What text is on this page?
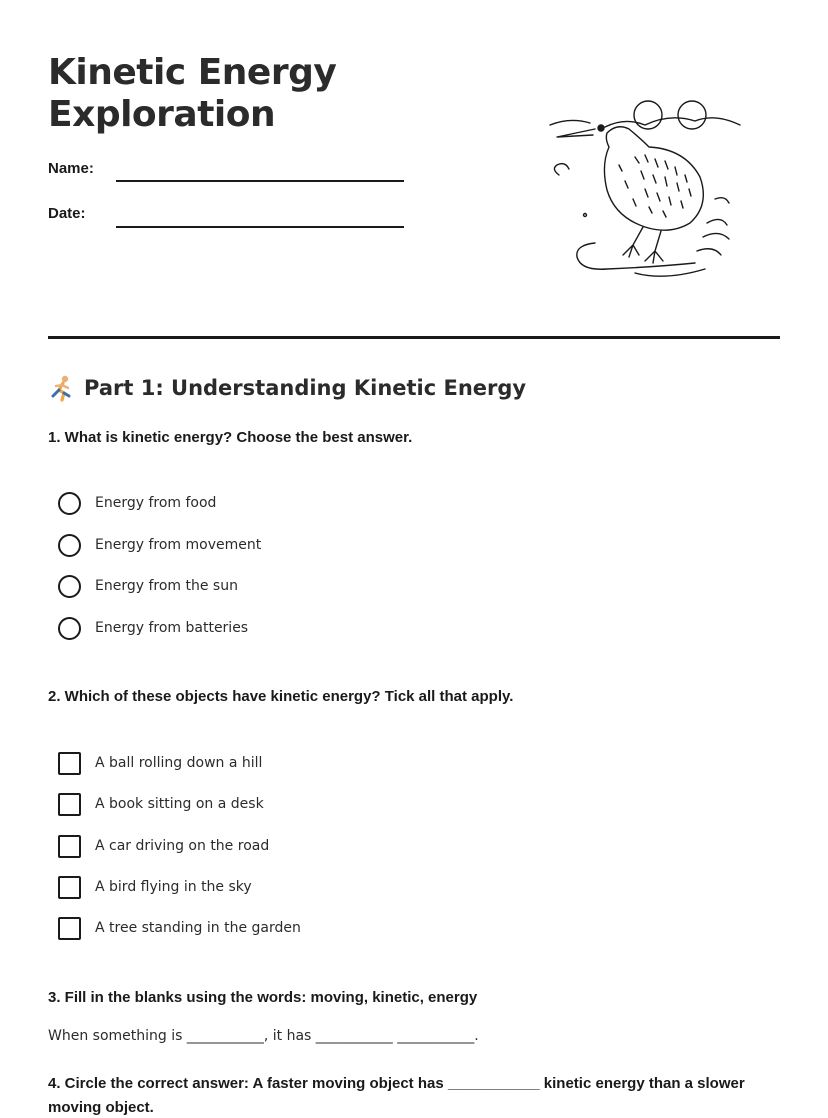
Kinetic Energy
Exploration
Name:
Date:
Part 1: Understanding Kinetic Energy
1. What is kinetic energy? Choose the best answer.
Energy from food
Energy from movement
Energy from the sun
Energy from batteries
2. Which of these objects have kinetic energy? Tick all that apply.
A ball rolling down a hill
A book sitting on a desk
A car driving on the road
A bird flying in the sky
A tree standing in the garden
3. Fill in the blanks using the words: moving, kinetic, energy
When something is ___________, it has ___________ ___________.
4. Circle the correct answer: A faster moving object has ___________ kinetic energy than a slower moving object.
